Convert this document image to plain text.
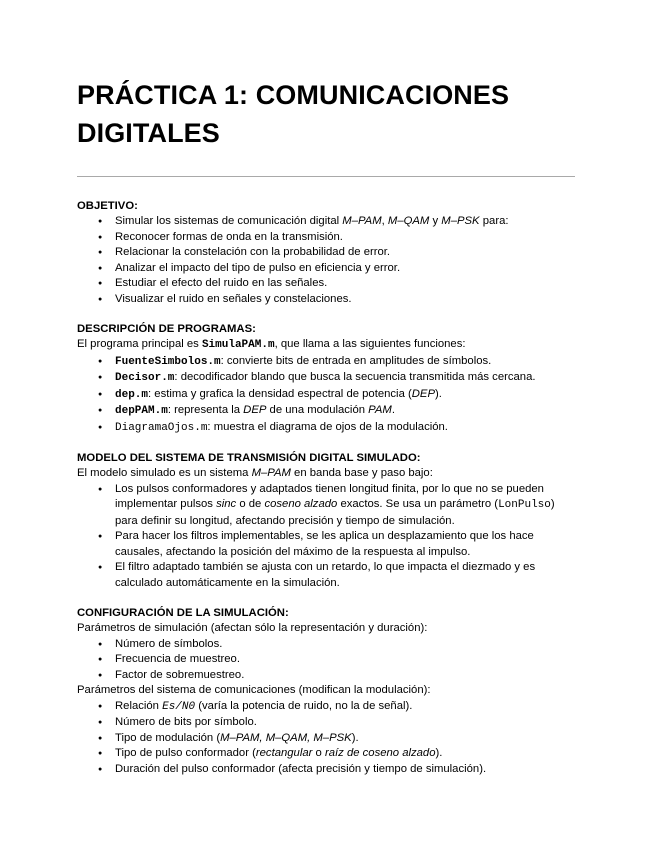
PRÁCTICA 1: COMUNICACIONES
DIGITALES
OBJETIVO:
● Simular los sistemas de comunicación digital M–PAM, M–QAM y M–PSK para:
● Reconocer formas de onda en la transmisión.
● Relacionar la constelación con la probabilidad de error.
● Analizar el impacto del tipo de pulso en eficiencia y error.
● Estudiar el efecto del ruido en las señales.
● Visualizar el ruido en señales y constelaciones.
DESCRIPCIÓN DE PROGRAMAS:

El programa principal es SimulaPAM.m, que llama a las siguientes funciones:

● FuenteSimbolos.m: convierte bits de entrada en amplitudes de símbolos.
● Decisor.m: decodificador blando que busca la secuencia transmitida más cercana.
● dep.m: estima y grafica la densidad espectral de potencia (DEP).
● depPAM.m: representa la DEP de una modulación PAM.
● DiagramaOjos.m: muestra el diagrama de ojos de la modulación.
MODELO DEL SISTEMA DE TRANSMISIÓN DIGITAL SIMULADO:

El modelo simulado es un sistema M–PAM en banda base y paso bajo:

● Los pulsos conformadores y adaptados tienen longitud finita, por lo que no se pueden implementar pulsos sinc o de coseno alzado exactos. Se usa un parámetro (LonPulso) para definir su longitud, afectando precisión y tiempo de simulación.
● Para hacer los filtros implementables, se les aplica un desplazamiento que los hace causales, afectando la posición del máximo de la respuesta al impulso.
● El filtro adaptado también se ajusta con un retardo, lo que impacta el diezmado y es calculado automáticamente en la simulación.
CONFIGURACIÓN DE LA SIMULACIÓN:

Parámetros de simulación (afectan sólo la representación y duración):

● Número de símbolos.
● Frecuencia de muestreo.
● Factor de sobremuestreo.

Parámetros del sistema de comunicaciones (modifican la modulación):

● Relación Es/N0 (varía la potencia de ruido, no la de señal).
● Número de bits por símbolo.
● Tipo de modulación (M–PAM, M–QAM, M–PSK).
● Tipo de pulso conformador (rectangular o raíz de coseno alzado).
● Duración del pulso conformador (afecta precisión y tiempo de simulación).
